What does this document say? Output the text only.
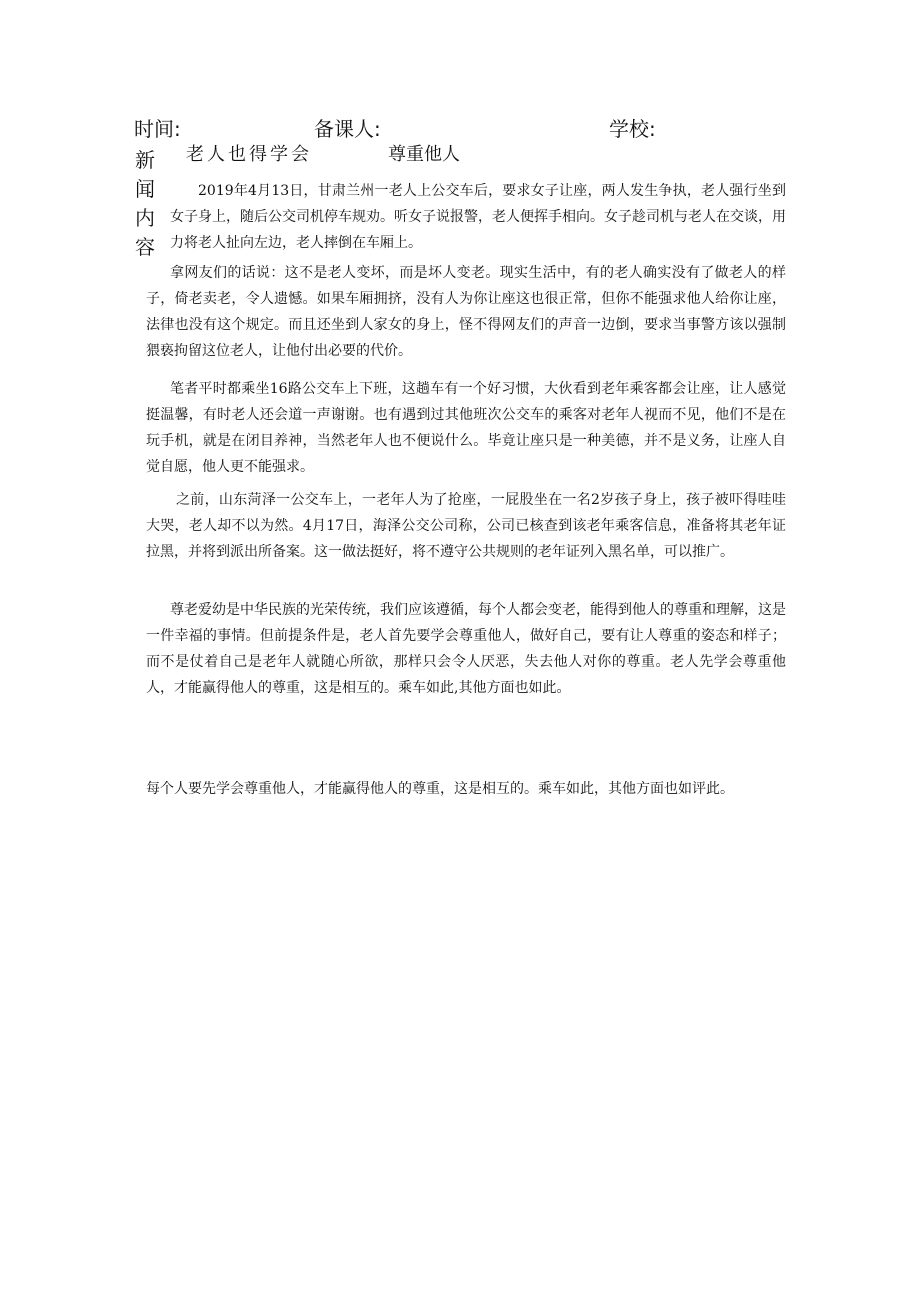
时间:	备课人:	学校:
新
闻
内
容
老人也得学会	尊重他人

2019年4月13日，甘肃兰州一老人上公交车后，要求女子让座，两人发生争执，老人强行坐到女子身上，随后公交司机停车规劝。听女子说报警，老人便挥手相向。女子趁司机与老人在交谈，用力将老人扯向左边，老人摔倒在车厢上。

拿网友们的话说：这不是老人变坏，而是坏人变老。现实生活中，有的老人确实没有了做老人的样子，倚老卖老，令人遗憾。如果车厢拥挤，没有人为你让座这也很正常，但你不能强求他人给你让座，法律也没有这个规定。而且还坐到人家女的身上，怪不得网友们的声音一边倒，要求当事警方该以强制猥亵拘留这位老人，让他付出必要的代价。

笔者平时都乘坐16路公交车上下班，这趟车有一个好习惯，大伙看到老年乘客都会让座，让人感觉挺温馨，有时老人还会道一声谢谢。也有遇到过其他班次公交车的乘客对老年人视而不见，他们不是在玩手机，就是在闭目养神，当然老年人也不便说什么。毕竟让座只是一种美德，并不是义务，让座人自觉自愿，他人更不能强求。

之前，山东菏泽一公交车上，一老年人为了抢座，一屁股坐在一名2岁孩子身上，孩子被吓得哇哇大哭，老人却不以为然。4月17日，海泽公交公司称，公司已核查到该老年乘客信息，准备将其老年证拉黑，并将到派出所备案。这一做法挺好，将不遵守公共规则的老年证列入黑名单，可以推广。

尊老爱幼是中华民族的光荣传统，我们应该遵循，每个人都会变老，能得到他人的尊重和理解，这是一件幸福的事情。但前提条件是，老人首先要学会尊重他人，做好自己，要有让人尊重的姿态和样子；而不是仗着自己是老年人就随心所欲，那样只会令人厌恶，失去他人对你的尊重。老人先学会尊重他人，才能赢得他人的尊重，这是相互的。乘车如此,其他方面也如此。

每个人要先学会尊重他人，才能赢得他人的尊重，这是相互的。乘车如此，其他方面也如评此。
